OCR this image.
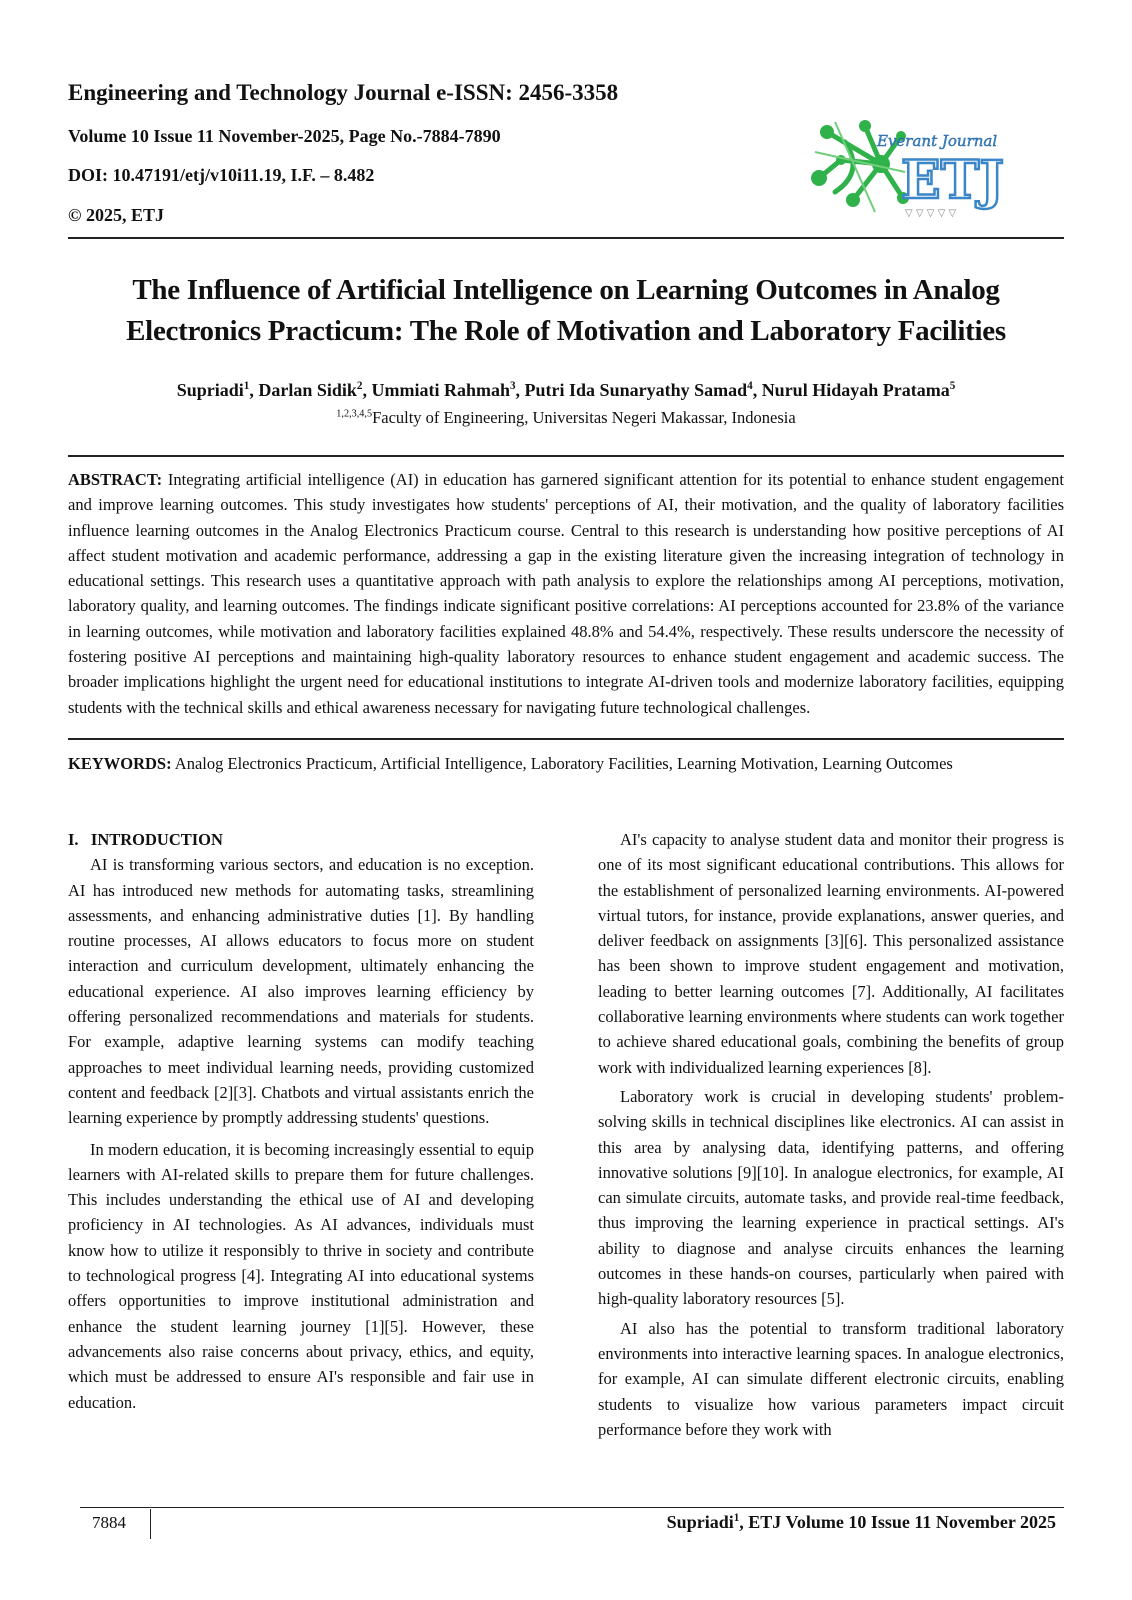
Engineering and Technology Journal e-ISSN: 2456-3358
Volume 10 Issue 11 November-2025, Page No.-7884-7890
DOI: 10.47191/etj/v10i11.19, I.F. – 8.482
© 2025, ETJ
Everant Journal
ETJ
▽ ▽ ▽ ▽ ▽
The Influence of Artificial Intelligence on Learning Outcomes in Analog
Electronics Practicum: The Role of Motivation and Laboratory Facilities
Supriadi$^1$, Darlan Sidik$^2$, Ummiati Rahmah$^3$, Putri Ida Sunaryathy Samad$^4$, Nurul Hidayah Pratama$^5$
$^{1,2,3,4,5}$Faculty of Engineering, Universitas Negeri Makassar, Indonesia
ABSTRACT: Integrating artificial intelligence (AI) in education has garnered significant attention for its potential to enhance student engagement and improve learning outcomes. This study investigates how students' perceptions of AI, their motivation, and the quality of laboratory facilities influence learning outcomes in the Analog Electronics Practicum course. Central to this research is understanding how positive perceptions of AI affect student motivation and academic performance, addressing a gap in the existing literature given the increasing integration of technology in educational settings. This research uses a quantitative approach with path analysis to explore the relationships among AI perceptions, motivation, laboratory quality, and learning outcomes. The findings indicate significant positive correlations: AI perceptions accounted for 23.8% of the variance in learning outcomes, while motivation and laboratory facilities explained 48.8% and 54.4%, respectively. These results underscore the necessity of fostering positive AI perceptions and maintaining high-quality laboratory resources to enhance student engagement and academic success. The broader implications highlight the urgent need for educational institutions to integrate AI-driven tools and modernize laboratory facilities, equipping students with the technical skills and ethical awareness necessary for navigating future technological challenges.
KEYWORDS: Analog Electronics Practicum, Artificial Intelligence, Laboratory Facilities, Learning Motivation, Learning Outcomes
I.   INTRODUCTION

AI is transforming various sectors, and education is no exception. AI has introduced new methods for automating tasks, streamlining assessments, and enhancing administrative duties [1]. By handling routine processes, AI allows educators to focus more on student interaction and curriculum development, ultimately enhancing the educational experience. AI also improves learning efficiency by offering personalized recommendations and materials for students. For example, adaptive learning systems can modify teaching approaches to meet individual learning needs, providing customized content and feedback [2][3]. Chatbots and virtual assistants enrich the learning experience by promptly addressing students' questions.

In modern education, it is becoming increasingly essential to equip learners with AI-related skills to prepare them for future challenges. This includes understanding the ethical use of AI and developing proficiency in AI technologies. As AI advances, individuals must know how to utilize it responsibly to thrive in society and contribute to technological progress [4]. Integrating AI into educational systems offers opportunities to improve institutional administration and enhance the student learning journey [1][5]. However, these advancements also raise concerns about privacy, ethics, and equity, which must be addressed to ensure AI's responsible and fair use in education.

AI's capacity to analyse student data and monitor their progress is one of its most significant educational contributions. This allows for the establishment of personalized learning environments. AI-powered virtual tutors, for instance, provide explanations, answer queries, and deliver feedback on assignments [3][6]. This personalized assistance has been shown to improve student engagement and motivation, leading to better learning outcomes [7]. Additionally, AI facilitates collaborative learning environments where students can work together to achieve shared educational goals, combining the benefits of group work with individualized learning experiences [8].

Laboratory work is crucial in developing students' problem-solving skills in technical disciplines like electronics. AI can assist in this area by analysing data, identifying patterns, and offering innovative solutions [9][10]. In analogue electronics, for example, AI can simulate circuits, automate tasks, and provide real-time feedback, thus improving the learning experience in practical settings. AI's ability to diagnose and analyse circuits enhances the learning outcomes in these hands-on courses, particularly when paired with high-quality laboratory resources [5].

AI also has the potential to transform traditional laboratory environments into interactive learning spaces. In analogue electronics, for example, AI can simulate different electronic circuits, enabling students to visualize how various parameters impact circuit performance before they work with

7884	Supriadi$^1$, ETJ Volume 10 Issue 11 November 2025
